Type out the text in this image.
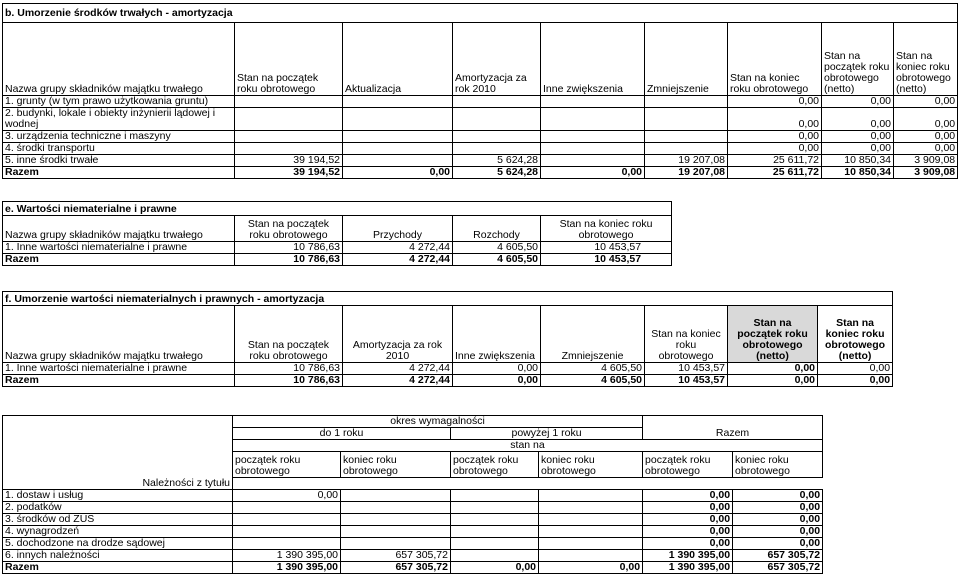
b. Umorzenie środków trwałych - amortyzacja								
Nazwa grupy składników majątku trwałego	Stan na początek roku obrotowego	Aktualizacja	Amortyzacja za rok 2010	Inne zwiększenia	Zmniejszenie	Stan na koniec roku obrotowego	Stan na początek roku obrotowego (netto)	Stan na koniec roku obrotowego (netto)
1. grunty (w tym prawo użytkowania gruntu)						0,00	0,00	0,00
2. budynki, lokale i obiekty inżynierii lądowej i wodnej						0,00	0,00	0,00
3. urządzenia techniczne i maszyny						0,00	0,00	0,00
4. środki transportu						0,00	0,00	0,00
5. inne środki trwałe	39 194,52		5 624,28		19 207,08	25 611,72	10 850,34	3 909,08
Razem	39 194,52	0,00	5 624,28	0,00	19 207,08	25 611,72	10 850,34	3 909,08
e. Wartości niematerialne i prawne				
Nazwa grupy składników majątku trwałego	Stan na początek roku obrotowego	Przychody	Rozchody	Stan na koniec roku obrotowego
1. Inne wartości niematerialne i prawne	10 786,63	4 272,44	4 605,50	10 453,57
Razem	10 786,63	4 272,44	4 605,50	10 453,57
f. Umorzenie wartości niematerialnych i prawnych - amortyzacja							
Nazwa grupy składników majątku trwałego	Stan na początek roku obrotowego	Amortyzacja za rok 2010	Inne zwiększenia	Zmniejszenie	Stan na koniec roku obrotowego	Stan na początek roku obrotowego (netto)	Stan na koniec roku obrotowego (netto)
1. Inne wartości niematerialne i prawne	10 786,63	4 272,44	0,00	4 605,50	10 453,57	0,00	0,00
Razem	10 786,63	4 272,44	0,00	4 605,50	10 453,57	0,00	0,00
	okres wymagalności				Razem	
	do 1 roku		powyżej 1 roku			
	stan na					
	początek roku obrotowego	koniec roku obrotowego	początek roku obrotowego	koniec roku obrotowego	początek roku obrotowego	koniec roku obrotowego

Należności z tytułu						
1. dostaw i usług	0,00				0,00	0,00
2. podatków					0,00	0,00
3. środków od ZUS					0,00	0,00
4. wynagrodzeń					0,00	0,00
5. dochodzone na drodze sądowej					0,00	0,00
6. innych należności	1 390 395,00	657 305,72			1 390 395,00	657 305,72
Razem	1 390 395,00	657 305,72	0,00	0,00	1 390 395,00	657 305,72
